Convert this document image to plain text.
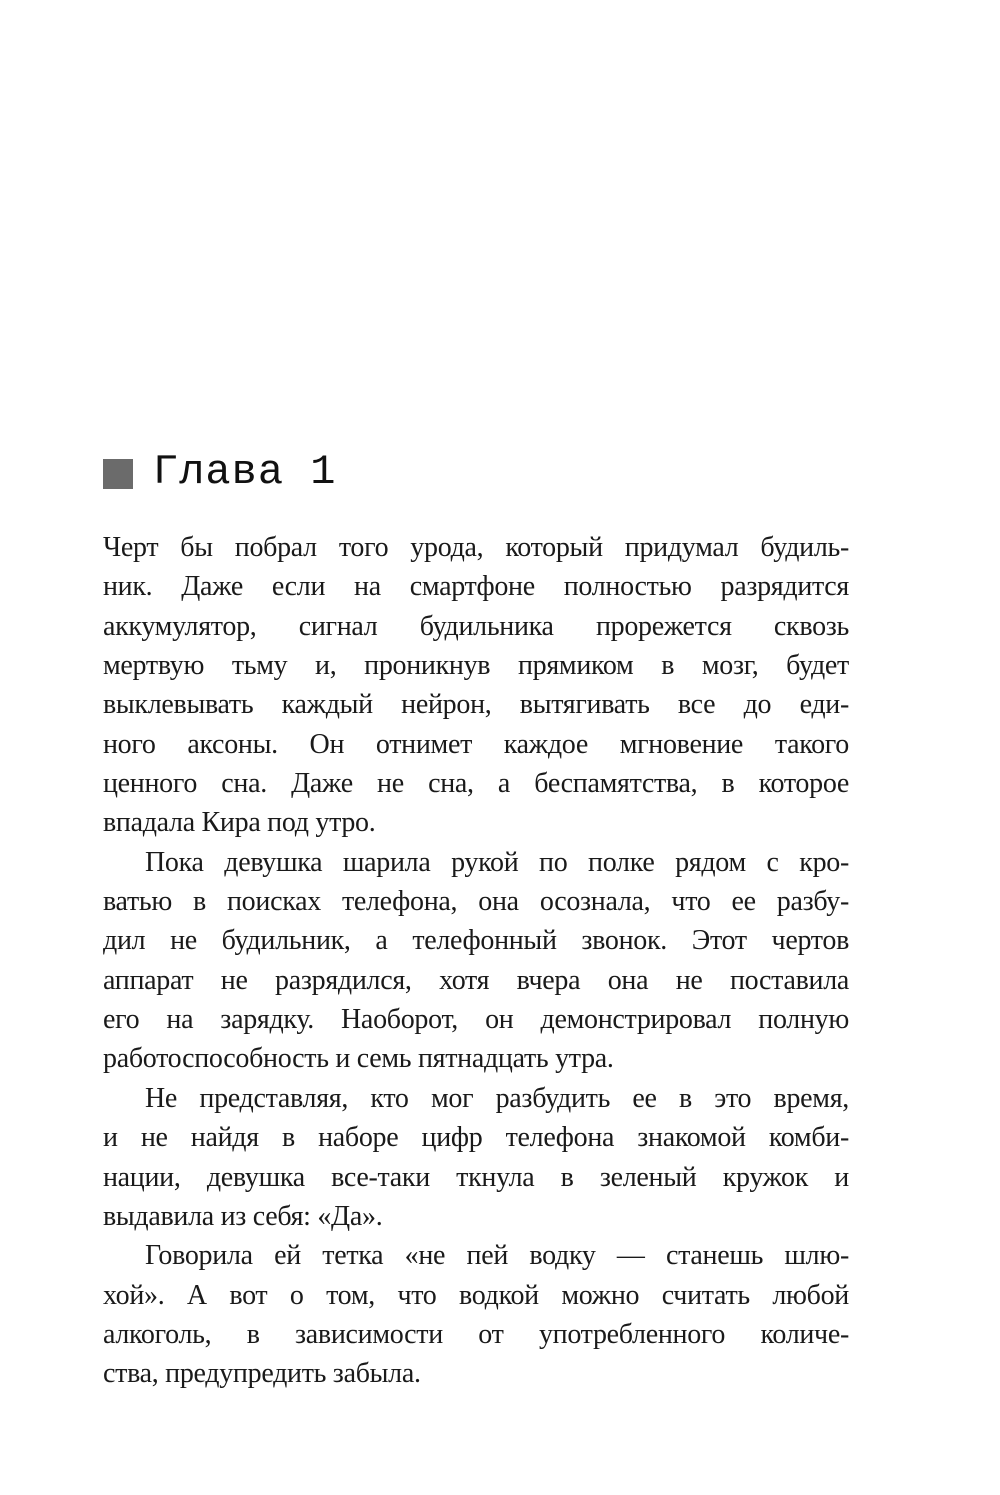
Глава 1
Черт бы побрал того урода, который придумал будиль-
ник. Даже если на смартфоне полностью разрядится
аккумулятор, сигнал будильника прорежется сквозь
мертвую тьму и, проникнув прямиком в мозг, будет
выклевывать каждый нейрон, вытягивать все до еди-
ного аксоны. Он отнимет каждое мгновение такого
ценного сна. Даже не сна, а беспамятства, в которое
впадала Кира под утро.
Пока девушка шарила рукой по полке рядом с кро-
ватью в поисках телефона, она осознала, что ее разбу-
дил не будильник, а телефонный звонок. Этот чертов
аппарат не разрядился, хотя вчера она не поставила
его на зарядку. Наоборот, он демонстрировал полную
работоспособность и семь пятнадцать утра.
Не представляя, кто мог разбудить ее в это время,
и не найдя в наборе цифр телефона знакомой комби-
нации, девушка все-таки ткнула в зеленый кружок и
выдавила из себя: «Да».
Говорила ей тетка «не пей водку — станешь шлю-
хой». А вот о том, что водкой можно считать любой
алкоголь, в зависимости от употребленного количе-
ства, предупредить забыла.
